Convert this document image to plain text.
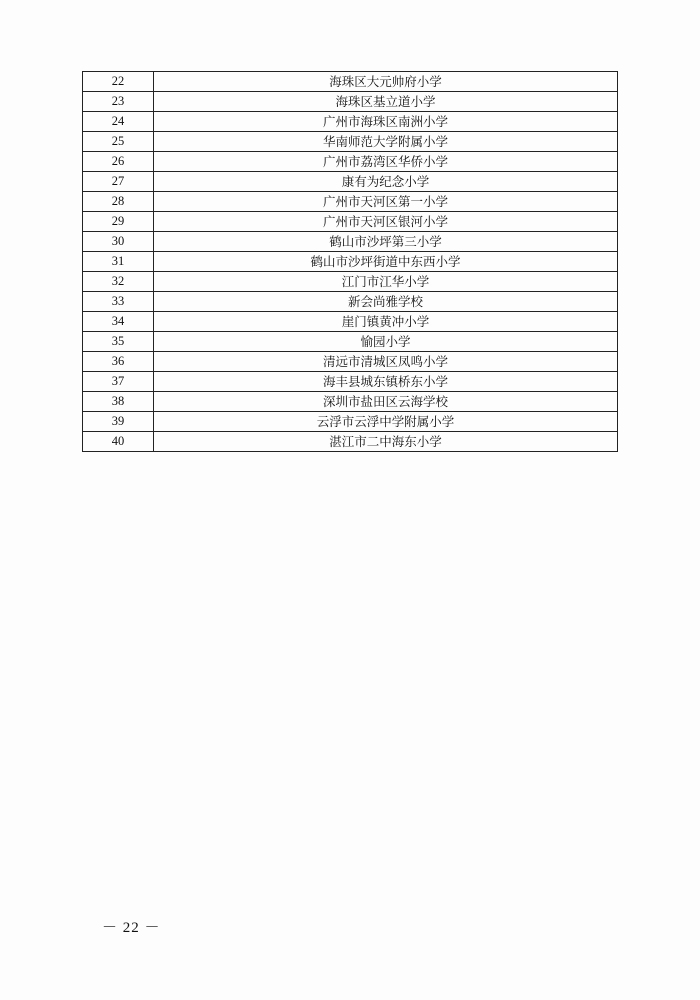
22	海珠区大元帅府小学
23	海珠区基立道小学
24	广州市海珠区南洲小学
25	华南师范大学附属小学
26	广州市荔湾区华侨小学
27	康有为纪念小学
28	广州市天河区第一小学
29	广州市天河区银河小学
30	鹤山市沙坪第三小学
31	鹤山市沙坪街道中东西小学
32	江门市江华小学
33	新会尚雅学校
34	崖门镇黄冲小学
35	愉园小学
36	清远市清城区凤鸣小学
37	海丰县城东镇桥东小学
38	深圳市盐田区云海学校
39	云浮市云浮中学附属小学
40	湛江市二中海东小学
－ 22 －
